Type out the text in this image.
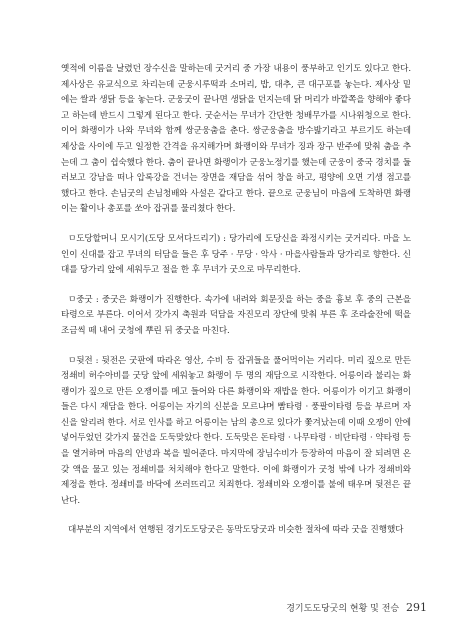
옛적에 이름을 날렸던 장수신을 말하는데 굿거리 중 가장 내용이 풍부하고 인기도 있다고 한다. 제사상은 유교식으로 차리는데 군웅시루떡과 소머리, 밥, 대추, 큰 대구포를 놓는다. 제사상 밑에는 쌀과 생닭 등을 놓는다. 군웅굿이 끝나면 생닭을 던지는데 닭 머리가 바깥쪽을 향해야 좋다고 하는데 반드시 그렇게 된다고 한다. 굿순서는 무녀가 간단한 청배무가를 시나위청으로 한다. 이어 화랭이가 나와 무녀와 함께 쌍군웅춤을 춘다. 쌍군웅춤을 방수밟기라고 부르기도 하는데 제상을 사이에 두고 일정한 간격을 유지해가며 화랭이와 무녀가 징과 장구 반주에 맞춰 춤을 추는데 그 춤이 쉽숙했다 한다. 춤이 끝나면 화랭이가 군웅노정기를 했는데 군웅이 중국 경치를 둘러보고 강남을 떠나 압록강을 건너는 장면을 재담을 섞어 창을 하고, 평양에 오면 기생 점고를 했다고 한다. 손님굿의 손님청배와 사설은 같다고 한다. 끝으로 군웅님이 마음에 도착하면 화랭이는 활이나 총포를 쏘아 잡귀를 물리쳤다 한다.

ㅁ도당할머니 모시기(도당 모셔다드리기) : 당가리에 도당신을 좌정시키는 굿거리다. 마을 노인이 신대를 잡고 무녀의 터담을 들은 후 당주 · 무당 · 악사 · 마을사람들과 당가리로 향한다. 신대를 당가리 앞에 세워두고 절을 한 후 무녀가 굿으로 마무리한다.

ㅁ중굿 : 중굿은 화랭이가 진행한다. 속가에 내려와 회문짓을 하는 중을 흉보 후 중의 근본을 타령으로 부른다. 이어서 갓가지 축원과 덕담을 자진모리 장단에 맞춰 부른 후 조라술잔에 떡을 조금씩 떼 내어 굿청에 뿌린 뒤 중굿을 마친다.

ㅁ뒷전 : 뒷전은 굿판에 따라온 영산, 수비 등 잡귀들을 풀어먹이는 거리다. 미리 짚으로 만든 정쇄비 허수아비를 굿당 앞에 세워놓고 화랭이 두 명의 재담으로 시작한다. 어릉이라 불리는 화랭이가 짚으로 만든 오쟁이를 메고 들어와 다른 화랭이와 재밥을 한다. 어릉이가 이기고 화랭이들은 다시 재담을 한다. 어릉이는 자기의 신분을 모르냐며 빰타령 · 풍팔이타령 등을 부르며 자신을 알리려 한다. 서로 인사를 하고 어릉이는 남의 총으로 있다가 쫓겨났는데 이때 오쟁이 안에 넣어두었던 갖가지 물건을 도둑맞았다 한다. 도둑맞은 돈타령 · 나무타령 · 비단타령 · 약타령 등을 열거하며 마음의 안녕과 복을 빌어준다. 마지막에 장님수비가 등장하여 마음이 잘 되려면 온갖 액을 물고 있는 정쇄비를 처치해야 한다고 말한다. 이에 화랭이가 굿청 밖에 나가 정쇄비와 제정을 한다. 정쇄비를 바닥에 쓰러뜨리고 치죄한다. 정쇄비와 오쟁이를 불에 태우며 뒷전은 끝난다.

대부분의 지역에서 연행된 경기도도당굿은 동막도당굿과 비슷한 절차에 따라 굿을 진행했다

경기도도당굿의 현황 및 전승 291
